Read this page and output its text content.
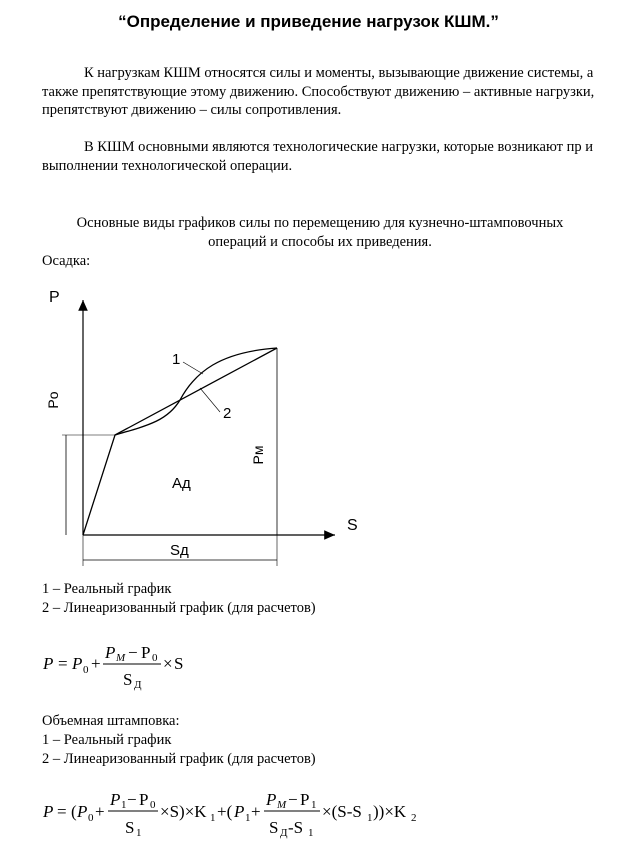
“Определение и приведение нагрузок КШМ.”

К нагрузкам КШМ относятся силы и моменты, вызывающие движение системы, а также препятствующие этому движению. Способствуют движению – активные нагрузки, препятствуют движению – силы сопротивления.

В КШМ основными являются технологические нагрузки, которые возникают пр и выполнении технологической операции.

Основные виды графиков силы по перемещению для кузнечно-штамповочных операций и способы их приведения.
Осадка:
P
S
Po
Pм
Aд
Sд
1
2
1 – Реальный график
2 – Линеаризованный график (для расчетов)
P = P 0 +
P М − P 0
S Д
× S
Объемная штамповка:
1 – Реальный график
2 – Линеаризованный график (для расчетов)
P = ( P 0 +
P 1 − P 0
S 1
×S)×K 1 +( P 1 +
P М − P 1
S Д -S 1
×(S-S 1 ))×K 2
